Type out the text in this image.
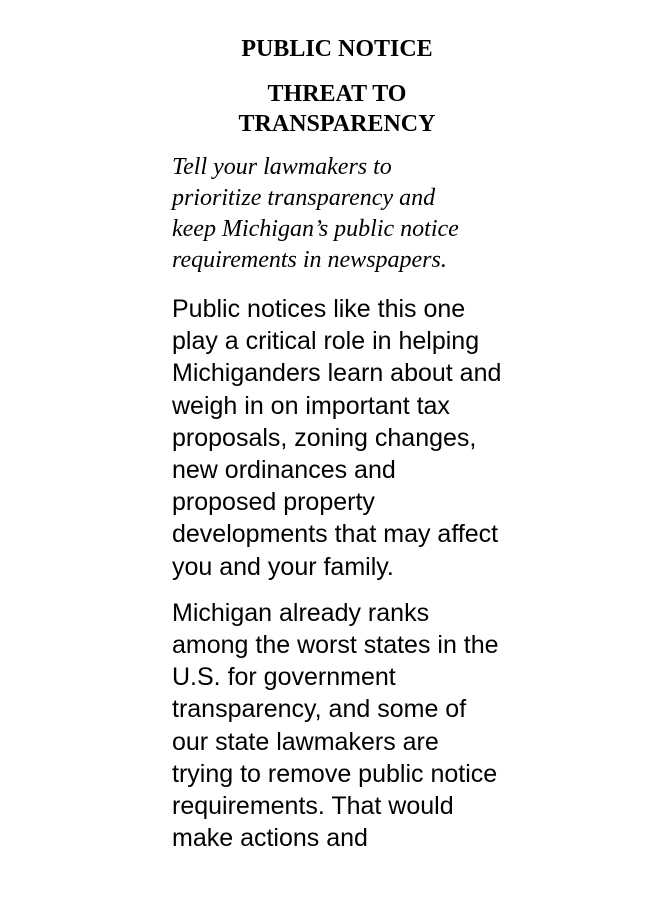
PUBLIC NOTICE
THREAT TO
TRANSPARENCY

Tell your lawmakers to prioritize transparency and keep Michigan’s public notice requirements in newspapers.

Public notices like this one play a critical role in helping Michiganders learn about and weigh in on important tax proposals, zoning changes, new ordinances and proposed property developments that may affect you and your family.

Michigan already ranks among the worst states in the U.S. for government transparency, and some of our state lawmakers are trying to remove public notice requirements. That would make actions and
